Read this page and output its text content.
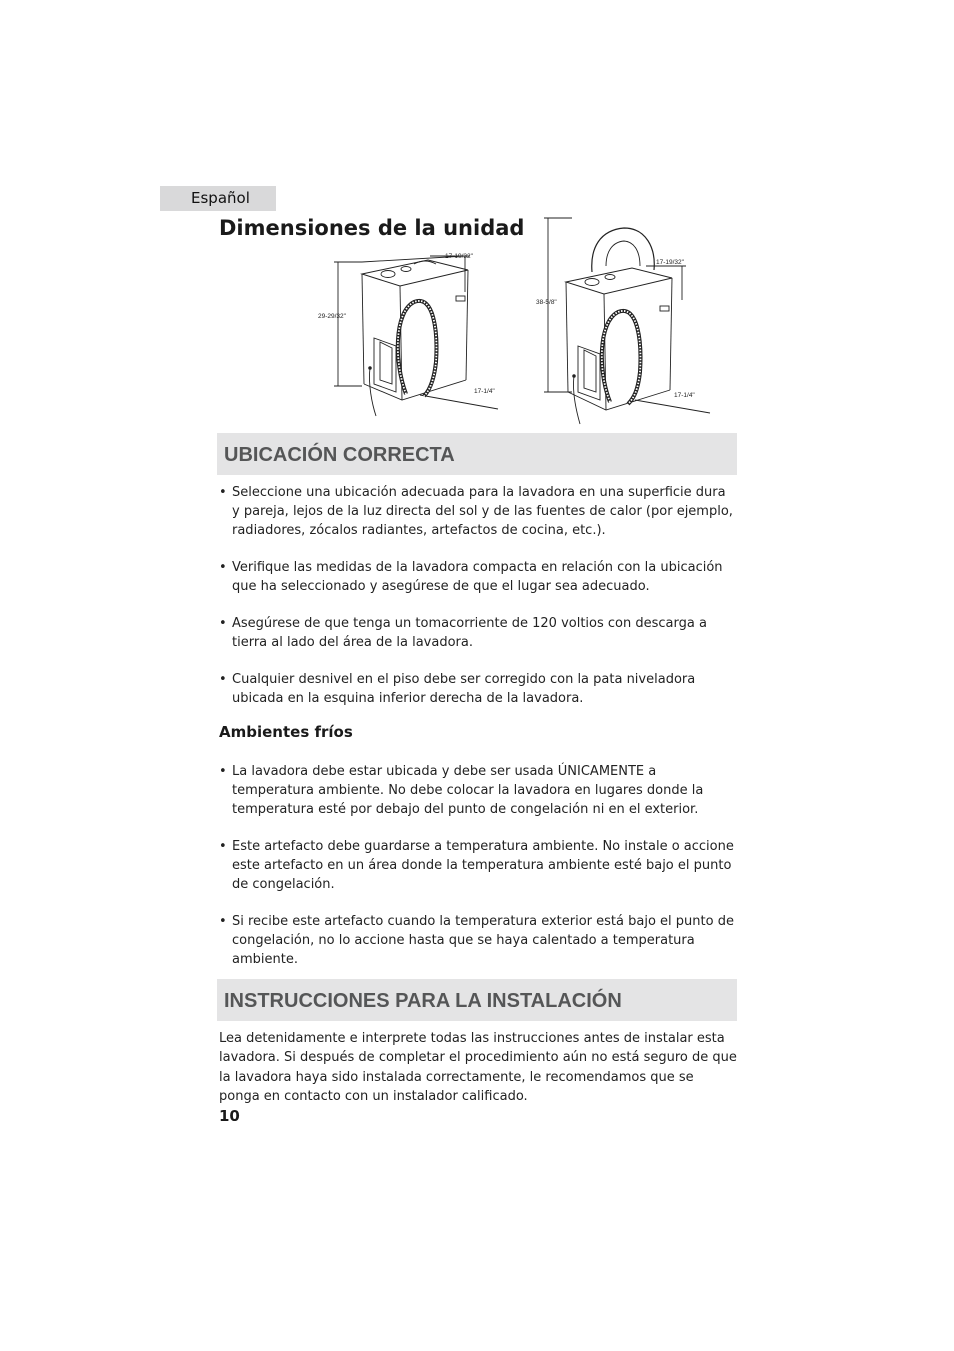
Español
Dimensiones de la unidad
17-19/32"
29-29/32"
17-1/4"
17-19/32"
38-5/8"
17-1/4"
UBICACIÓN CORRECTA
• Seleccione una ubicación adecuada para la lavadora en una superficie dura y pareja, lejos de la luz directa del sol y de las fuentes de calor (por ejemplo, radiadores, zócalos radiantes, artefactos de cocina, etc.).
• Verifique las medidas de la lavadora compacta en relación con la ubicación que ha seleccionado y asegúrese de que el lugar sea adecuado.
• Asegúrese de que tenga un tomacorriente de 120 voltios con descarga a tierra al lado del área de la lavadora.
• Cualquier desnivel en el piso debe ser corregido con la pata niveladora ubicada en la esquina inferior derecha de la lavadora.
Ambientes fríos
• La lavadora debe estar ubicada y debe ser usada ÚNICAMENTE a temperatura ambiente. No debe colocar la lavadora en lugares donde la temperatura esté por debajo del punto de congelación ni en el exterior.
• Este artefacto debe guardarse a temperatura ambiente. No instale o accione este artefacto en un área donde la temperatura ambiente esté bajo el punto de congelación.
• Si recibe este artefacto cuando la temperatura exterior está bajo el punto de congelación, no lo accione hasta que se haya calentado a temperatura ambiente.
INSTRUCCIONES PARA LA INSTALACIÓN

Lea detenidamente e interprete todas las instrucciones antes de instalar esta lavadora. Si después de completar el procedimiento aún no está seguro de que la lavadora haya sido instalada correctamente, le recomendamos que se ponga en contacto con un instalador calificado.

10
